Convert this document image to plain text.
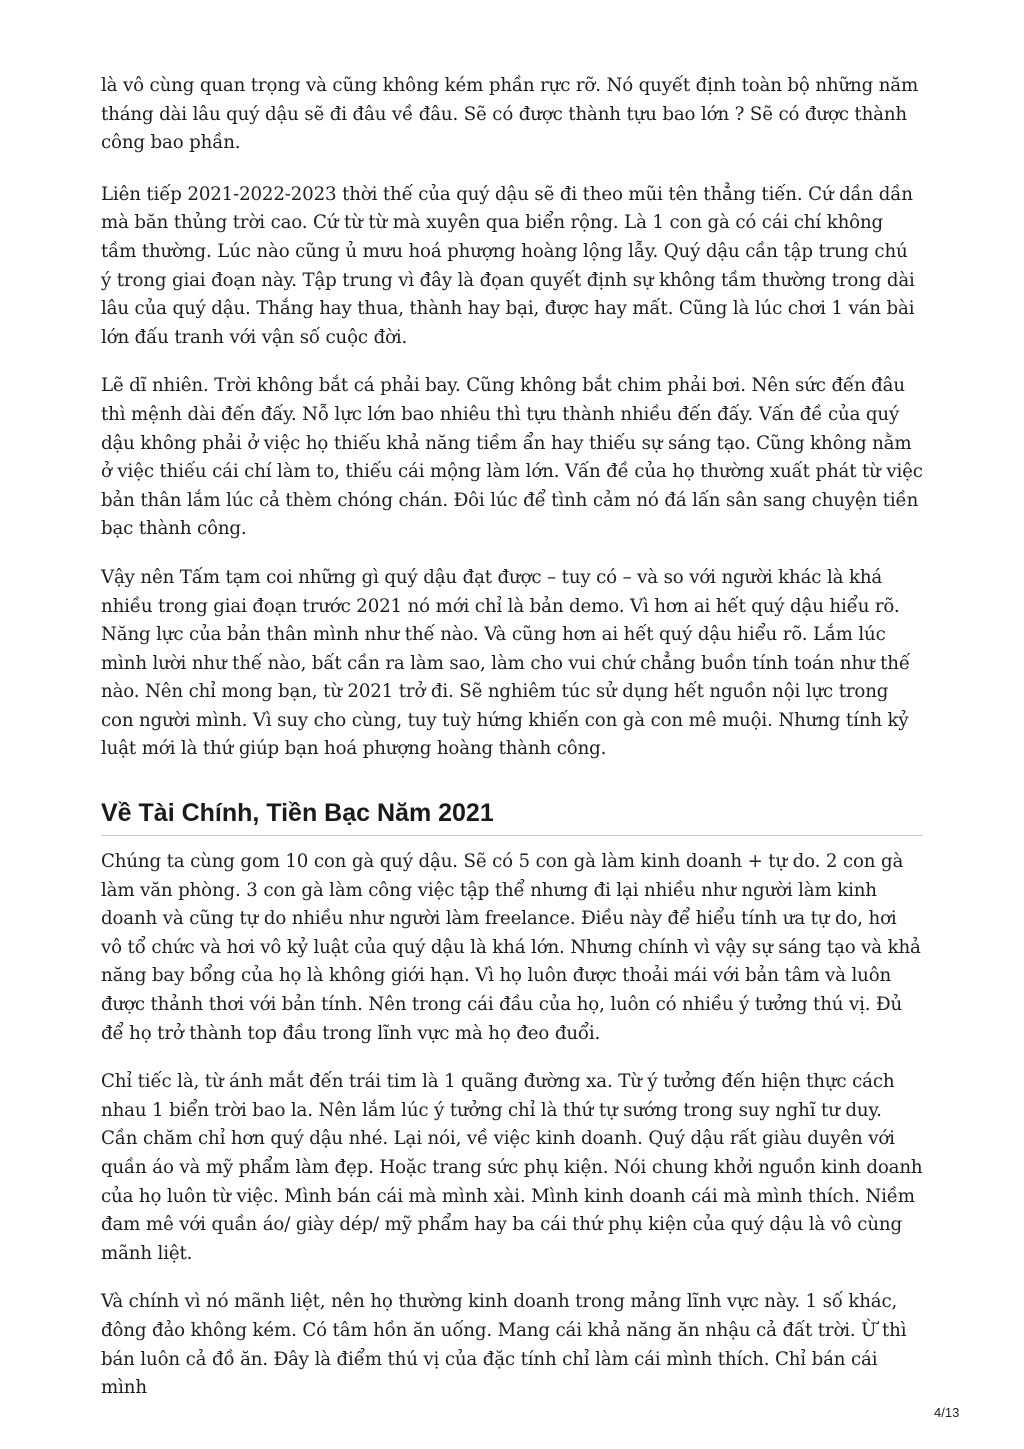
là vô cùng quan trọng và cũng không kém phần rực rỡ. Nó quyết định toàn bộ những năm tháng dài lâu quý dậu sẽ đi đâu về đâu. Sẽ có được thành tựu bao lớn ? Sẽ có được thành công bao phần.

Liên tiếp 2021-2022-2023 thời thế của quý dậu sẽ đi theo mũi tên thẳng tiến. Cứ dần dần mà băn thủng trời cao. Cứ từ từ mà xuyên qua biển rộng. Là 1 con gà có cái chí không tầm thường. Lúc nào cũng ủ mưu hoá phượng hoàng lộng lẫy. Quý dậu cần tập trung chú ý trong giai đoạn này. Tập trung vì đây là đọan quyết định sự không tầm thường trong dài lâu của quý dậu. Thắng hay thua, thành hay bại, được hay mất. Cũng là lúc chơi 1 ván bài lớn đấu tranh với vận số cuộc đời.

Lẽ dĩ nhiên. Trời không bắt cá phải bay. Cũng không bắt chim phải bơi. Nên sức đến đâu thì mệnh dài đến đấy. Nỗ lực lớn bao nhiêu thì tựu thành nhiều đến đấy. Vấn đề của quý dậu không phải ở việc họ thiếu khả năng tiềm ẩn hay thiếu sự sáng tạo. Cũng không nằm ở việc thiếu cái chí làm to, thiếu cái mộng làm lớn. Vấn đề của họ thường xuất phát từ việc bản thân lắm lúc cả thèm chóng chán. Đôi lúc để tình cảm nó đá lấn sân sang chuyện tiền bạc thành công.

Vậy nên Tấm tạm coi những gì quý dậu đạt được – tuy có – và so với người khác là khá nhiều trong giai đoạn trước 2021 nó mới chỉ là bản demo. Vì hơn ai hết quý dậu hiểu rõ. Năng lực của bản thân mình như thế nào. Và cũng hơn ai hết quý dậu hiểu rõ. Lắm lúc mình lười như thế nào, bất cần ra làm sao, làm cho vui chứ chẳng buồn tính toán như thế nào. Nên chỉ mong bạn, từ 2021 trở đi. Sẽ nghiêm túc sử dụng hết nguồn nội lực trong con người mình. Vì suy cho cùng, tuy tuỳ hứng khiến con gà con mê muội. Nhưng tính kỷ luật mới là thứ giúp bạn hoá phượng hoàng thành công.

Về Tài Chính, Tiền Bạc Năm 2021

Chúng ta cùng gom 10 con gà quý dậu. Sẽ có 5 con gà làm kinh doanh + tự do. 2 con gà làm văn phòng. 3 con gà làm công việc tập thể nhưng đi lại nhiều như người làm kinh doanh và cũng tự do nhiều như người làm freelance. Điều này để hiểu tính ưa tự do, hơi vô tổ chức và hơi vô kỷ luật của quý dậu là khá lớn. Nhưng chính vì vậy sự sáng tạo và khả năng bay bổng của họ là không giới hạn. Vì họ luôn được thoải mái với bản tâm và luôn được thảnh thơi với bản tính. Nên trong cái đầu của họ, luôn có nhiều ý tưởng thú vị. Đủ để họ trở thành top đầu trong lĩnh vực mà họ đeo đuổi.

Chỉ tiếc là, từ ánh mắt đến trái tim là 1 quãng đường xa. Từ ý tưởng đến hiện thực cách nhau 1 biển trời bao la. Nên lắm lúc ý tưởng chỉ là thứ tự sướng trong suy nghĩ tư duy. Cần chăm chỉ hơn quý dậu nhé. Lại nói, về việc kinh doanh. Quý dậu rất giàu duyên với quần áo và mỹ phẩm làm đẹp. Hoặc trang sức phụ kiện. Nói chung khởi nguồn kinh doanh của họ luôn từ việc. Mình bán cái mà mình xài. Mình kinh doanh cái mà mình thích. Niềm đam mê với quần áo/ giày dép/ mỹ phẩm hay ba cái thứ phụ kiện của quý dậu là vô cùng mãnh liệt.

Và chính vì nó mãnh liệt, nên họ thường kinh doanh trong mảng lĩnh vực này. 1 số khác, đông đảo không kém. Có tâm hồn ăn uống. Mang cái khả năng ăn nhậu cả đất trời. Ừ thì bán luôn cả đồ ăn. Đây là điểm thú vị của đặc tính chỉ làm cái mình thích. Chỉ bán cái mình

4/13
